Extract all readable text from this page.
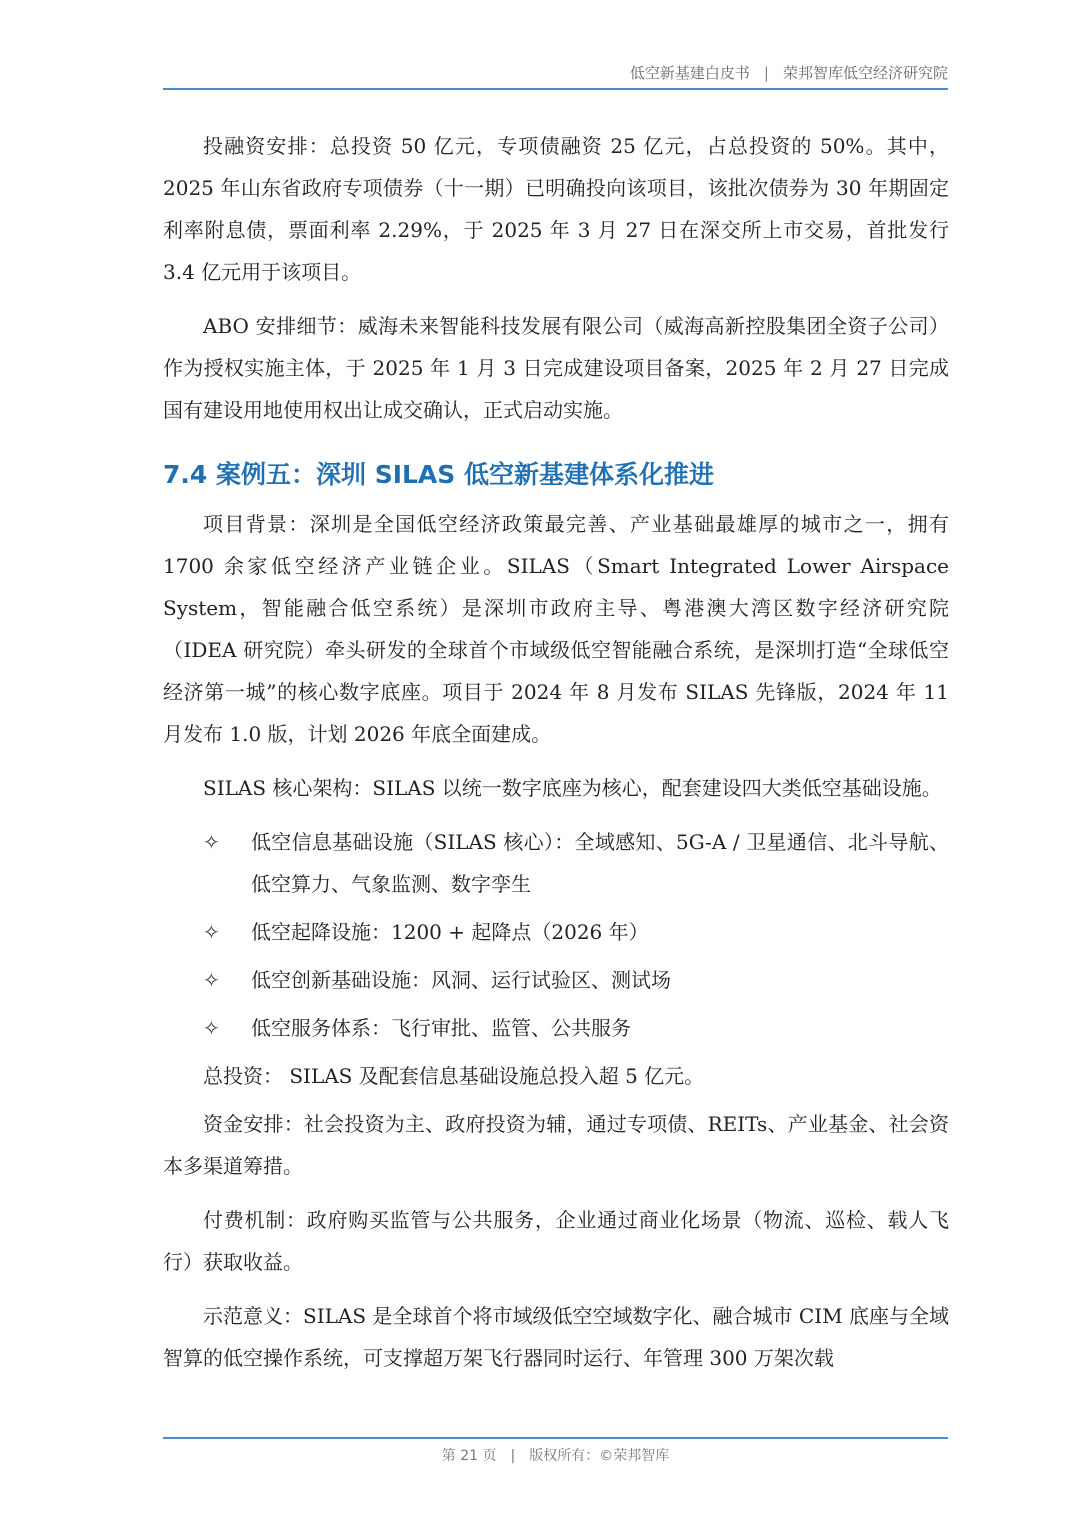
低空新基建白皮书 | 荣邦智库低空经济研究院

投融资安排：总投资 50 亿元，专项债融资 25 亿元，占总投资的 50%。其中，2025 年山东省政府专项债券（十一期）已明确投向该项目，该批次债券为 30 年期固定利率附息债，票面利率 2.29%，于 2025 年 3 月 27 日在深交所上市交易，首批发行 3.4 亿元用于该项目。

ABO 安排细节：威海未来智能科技发展有限公司（威海高新控股集团全资子公司）作为授权实施主体，于 2025 年 1 月 3 日完成建设项目备案，2025 年 2 月 27 日完成国有建设用地使用权出让成交确认，正式启动实施。

7.4 案例五：深圳 SILAS 低空新基建体系化推进

项目背景：深圳是全国低空经济政策最完善、产业基础最雄厚的城市之一，拥有 1700 余家低空经济产业链企业。SILAS（Smart Integrated Lower Airspace System，智能融合低空系统）是深圳市政府主导、粤港澳大湾区数字经济研究院（IDEA 研究院）牵头研发的全球首个市域级低空智能融合系统，是深圳打造“全球低空经济第一城”的核心数字底座。项目于 2024 年 8 月发布 SILAS 先锋版，2024 年 11 月发布 1.0 版，计划 2026 年底全面建成。

SILAS 核心架构：SILAS 以统一数字底座为核心，配套建设四大类低空基础设施。

✧	低空信息基础设施（SILAS 核心）：全域感知、5G-A / 卫星通信、北斗导航、低空算力、气象监测、数字孪生
✧	低空起降设施：1200 + 起降点（2026 年）
✧	低空创新基础设施：风洞、运行试验区、测试场
✧	低空服务体系：飞行审批、监管、公共服务

总投资： SILAS 及配套信息基础设施总投入超 5 亿元。

资金安排：社会投资为主、政府投资为辅，通过专项债、REITs、产业基金、社会资本多渠道筹措。

付费机制：政府购买监管与公共服务，企业通过商业化场景（物流、巡检、载人飞行）获取收益。

示范意义：SILAS 是全球首个将市域级低空空域数字化、融合城市 CIM 底座与全域智算的低空操作系统，可支撑超万架飞行器同时运行、年管理 300 万架次载

第 21 页 | 版权所有：©荣邦智库
